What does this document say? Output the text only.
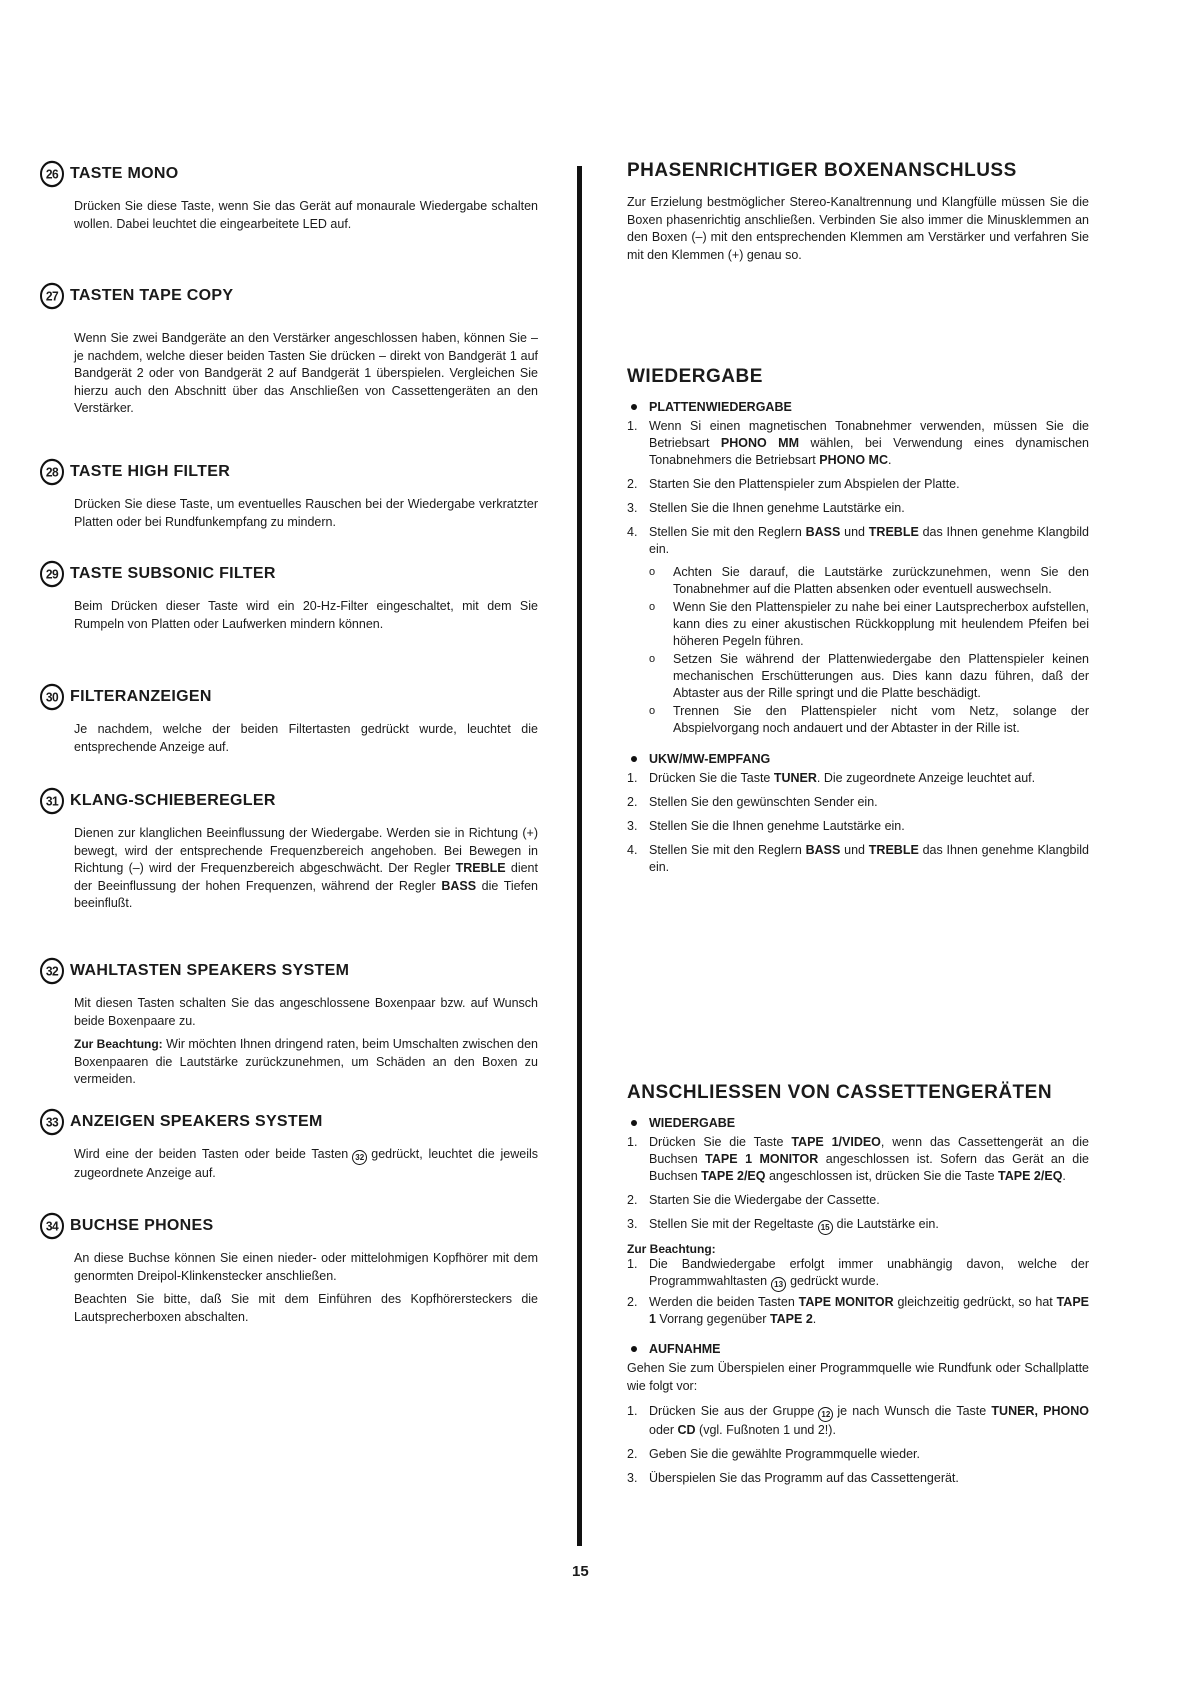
26 TASTE MONO

Drücken Sie diese Taste, wenn Sie das Gerät auf monaurale Wiedergabe schalten wollen. Dabei leuchtet die eingearbeitete LED auf.

27 TASTEN TAPE COPY

Wenn Sie zwei Bandgeräte an den Verstärker angeschlossen haben, können Sie – je nachdem, welche dieser beiden Tasten Sie drücken – direkt von Bandgerät 1 auf Bandgerät 2 oder von Bandgerät 2 auf Bandgerät 1 überspielen. Vergleichen Sie hierzu auch den Abschnitt über das Anschließen von Cassettengeräten an den Verstärker.

28 TASTE HIGH FILTER

Drücken Sie diese Taste, um eventuelles Rauschen bei der Wiedergabe verkratzter Platten oder bei Rundfunkempfang zu mindern.

29 TASTE SUBSONIC FILTER

Beim Drücken dieser Taste wird ein 20-Hz-Filter eingeschaltet, mit dem Sie Rumpeln von Platten oder Laufwerken mindern können.

30 FILTERANZEIGEN

Je nachdem, welche der beiden Filtertasten gedrückt wurde, leuchtet die entsprechende Anzeige auf.

31 KLANG-SCHIEBEREGLER

Dienen zur klanglichen Beeinflussung der Wiedergabe. Werden sie in Richtung (+) bewegt, wird der entsprechende Frequenzbereich angehoben. Bei Bewegen in Richtung (–) wird der Frequenzbereich abgeschwächt. Der Regler TREBLE dient der Beeinflussung der hohen Frequenzen, während der Regler BASS die Tiefen beeinflußt.

32 WAHLTASTEN SPEAKERS SYSTEM

Mit diesen Tasten schalten Sie das angeschlossene Boxenpaar bzw. auf Wunsch beide Boxenpaare zu.

Zur Beachtung: Wir möchten Ihnen dringend raten, beim Umschalten zwischen den Boxenpaaren die Lautstärke zurückzunehmen, um Schäden an den Boxen zu vermeiden.

33 ANZEIGEN SPEAKERS SYSTEM

Wird eine der beiden Tasten oder beide Tasten 32 gedrückt, leuchtet die jeweils zugeordnete Anzeige auf.

34 BUCHSE PHONES

An diese Buchse können Sie einen nieder- oder mittelohmigen Kopfhörer mit dem genormten Dreipol-Klinkenstecker anschließen.

Beachten Sie bitte, daß Sie mit dem Einführen des Kopfhörersteckers die Lautsprecherboxen abschalten.

PHASENRICHTIGER BOXENANSCHLUSS
Zur Erzielung bestmöglicher Stereo-Kanaltrennung und Klangfülle müssen Sie die Boxen phasenrichtig anschließen. Verbinden Sie also immer die Minusklemmen an den Boxen (–) mit den entsprechenden Klemmen am Verstärker und verfahren Sie mit den Klemmen (+) genau so.
WIEDERGABE
PLATTENWIEDERGABE
1. Wenn Si einen magnetischen Tonabnehmer verwenden, müssen Sie die Betriebsart PHONO MM wählen, bei Verwendung eines dynamischen Tonabnehmers die Betriebsart PHONO MC.
2. Starten Sie den Plattenspieler zum Abspielen der Platte.
3. Stellen Sie die Ihnen genehme Lautstärke ein.
4. Stellen Sie mit den Reglern BASS und TREBLE das Ihnen genehme Klangbild ein.
o	Achten Sie darauf, die Lautstärke zurückzunehmen, wenn Sie den Tonabnehmer auf die Platten absenken oder eventuell auswechseln.
o	Wenn Sie den Plattenspieler zu nahe bei einer Lautsprecherbox aufstellen, kann dies zu einer akustischen Rückkopplung mit heulendem Pfeifen bei höheren Pegeln führen.
o	Setzen Sie während der Plattenwiedergabe den Plattenspieler keinen mechanischen Erschütterungen aus. Dies kann dazu führen, daß der Abtaster aus der Rille springt und die Platte beschädigt.
o	Trennen Sie den Plattenspieler nicht vom Netz, solange der Abspielvorgang noch andauert und der Abtaster in der Rille ist.
UKW/MW-EMPFANG
1. Drücken Sie die Taste TUNER. Die zugeordnete Anzeige leuchtet auf.
2. Stellen Sie den gewünschten Sender ein.
3. Stellen Sie die Ihnen genehme Lautstärke ein.
4. Stellen Sie mit den Reglern BASS und TREBLE das Ihnen genehme Klangbild ein.
ANSCHLIESSEN VON CASSETTENGERÄTEN
WIEDERGABE
1. Drücken Sie die Taste TAPE 1/VIDEO, wenn das Cassettengerät an die Buchsen TAPE 1 MONITOR angeschlossen ist. Sofern das Gerät an die Buchsen TAPE 2/EQ angeschlossen ist, drücken Sie die Taste TAPE 2/EQ.
2. Starten Sie die Wiedergabe der Cassette.
3. Stellen Sie mit der Regeltaste 15 die Lautstärke ein.
Zur Beachtung:
1. Die Bandwiedergabe erfolgt immer unabhängig davon, welche der Programmwahltasten 13 gedrückt wurde.
2. Werden die beiden Tasten TAPE MONITOR gleichzeitig gedrückt, so hat TAPE 1 Vorrang gegenüber TAPE 2.
AUFNAHME
Gehen Sie zum Überspielen einer Programmquelle wie Rundfunk oder Schallplatte wie folgt vor:
1. Drücken Sie aus der Gruppe 12 je nach Wunsch die Taste TUNER, PHONO oder CD (vgl. Fußnoten 1 und 2!).
2. Geben Sie die gewählte Programmquelle wieder.
3. Überspielen Sie das Programm auf das Cassettengerät.
15
